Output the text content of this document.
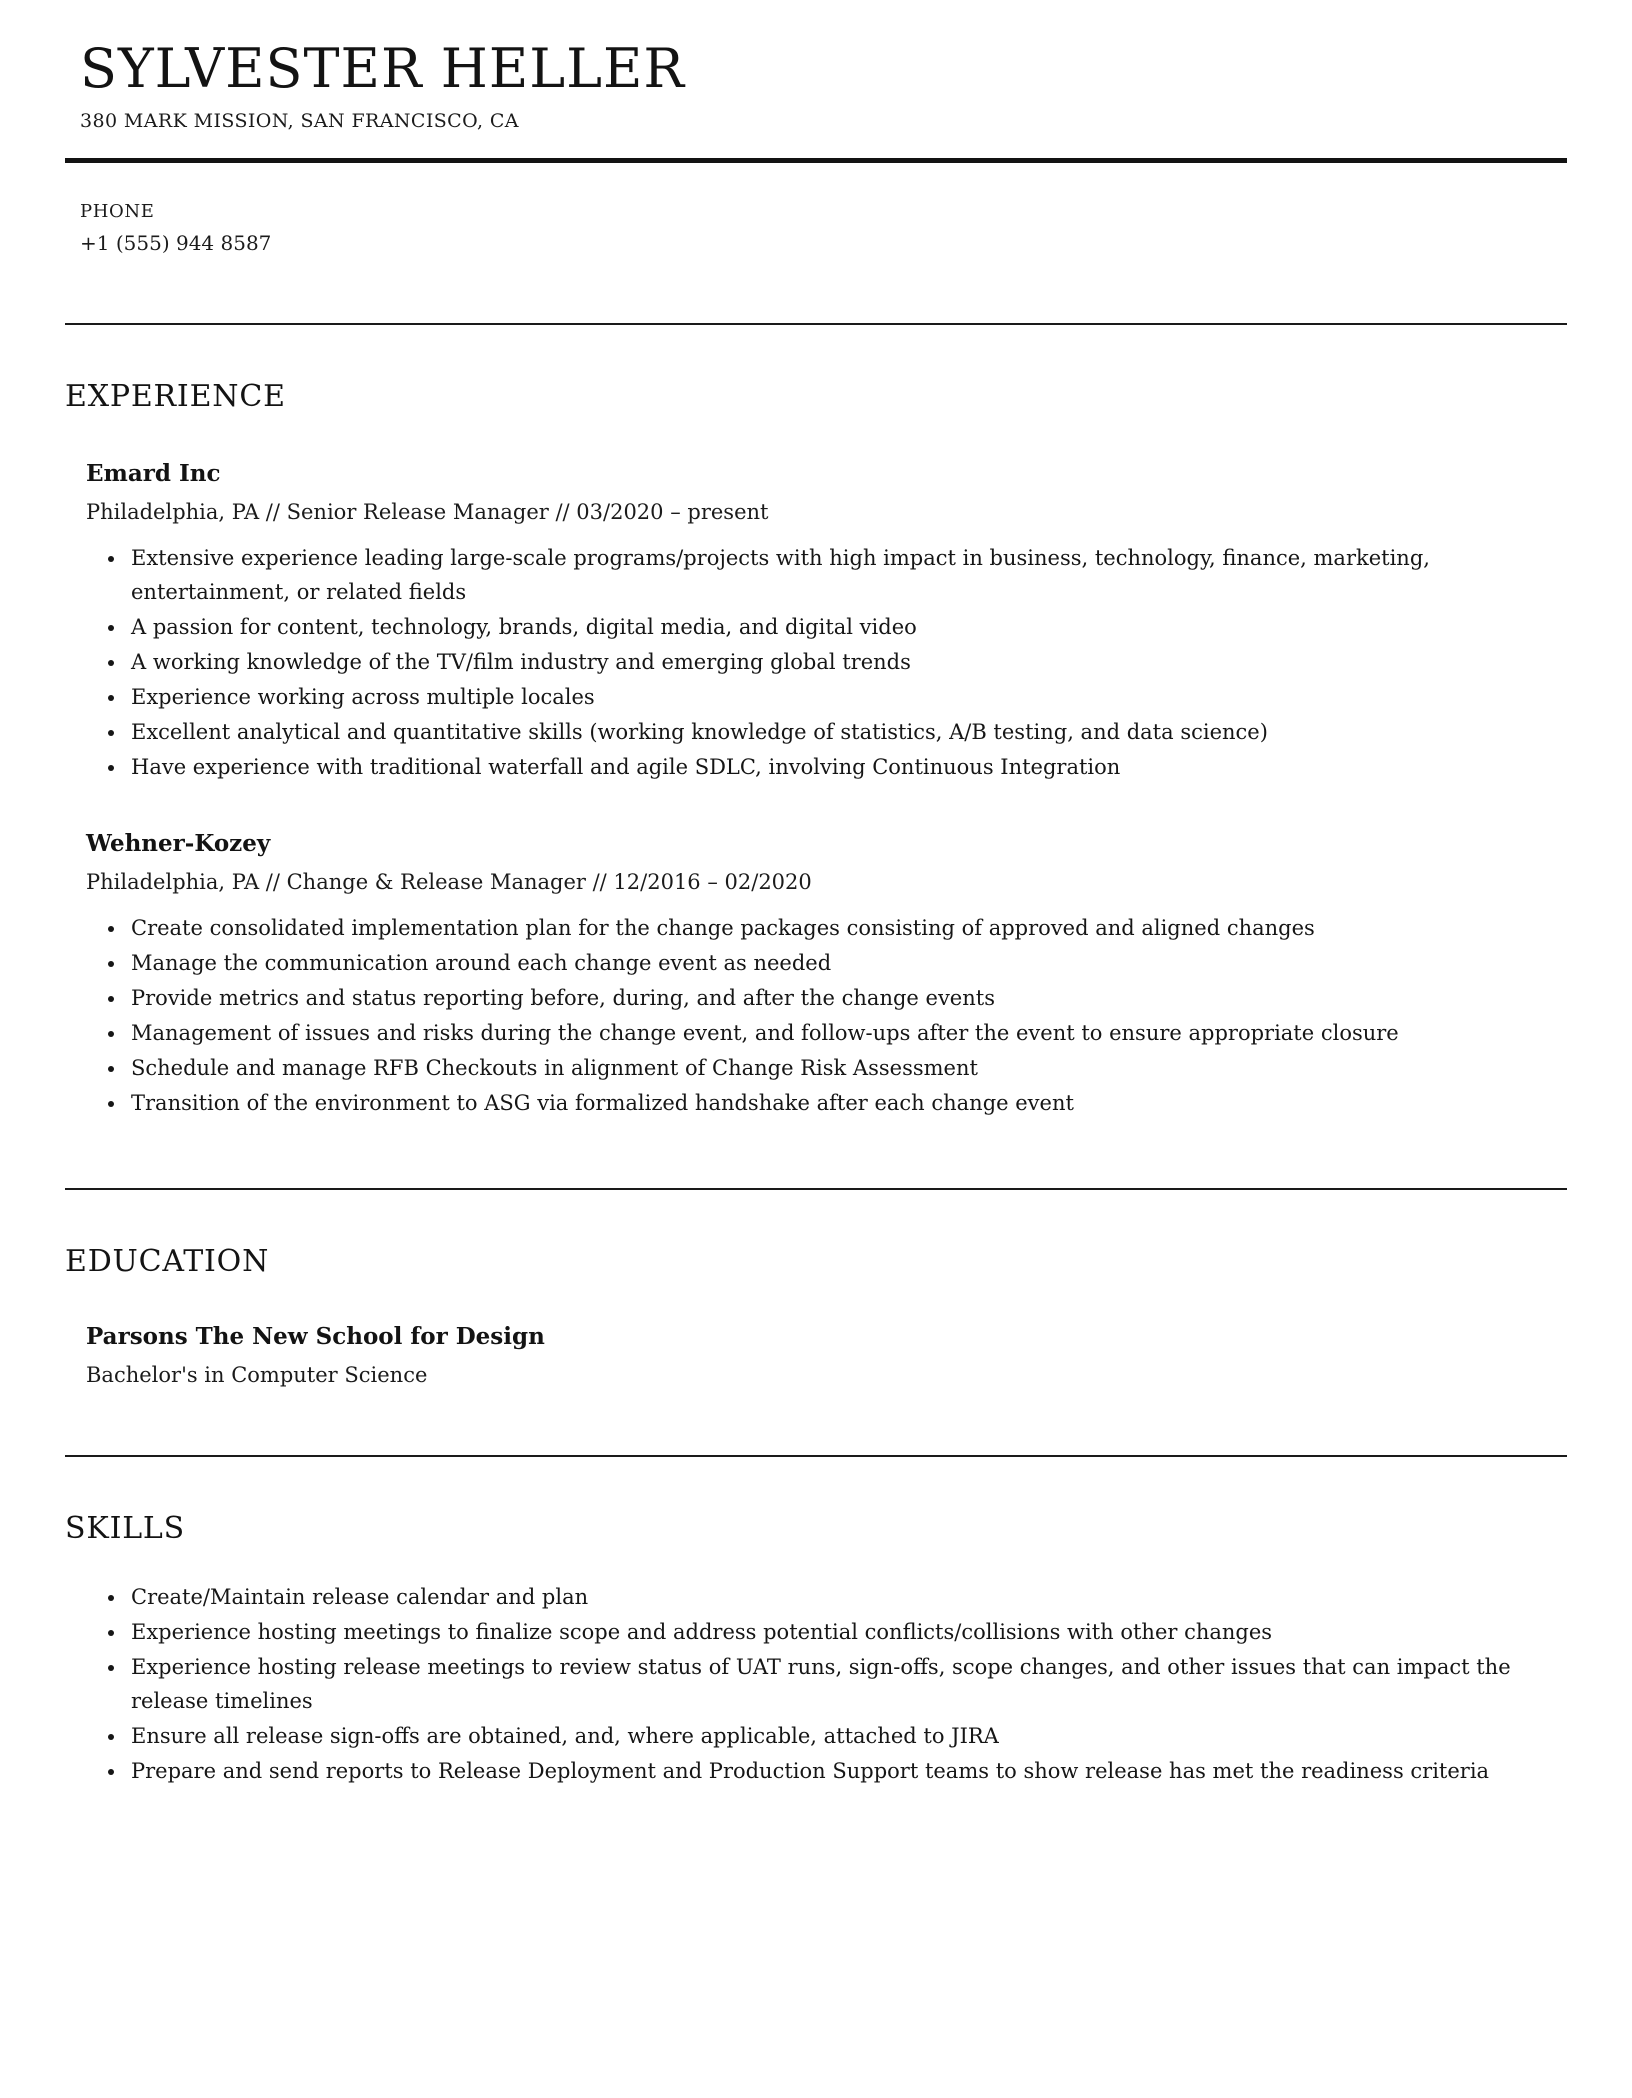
SYLVESTER HELLER
380 MARK MISSION, SAN FRANCISCO, CA
PHONE
+1 (555) 944 8587
EXPERIENCE
Emard Inc
Philadelphia, PA // Senior Release Manager // 03/2020 – present
• Extensive experience leading large-scale programs/projects with high impact in business, technology, finance, marketing, entertainment, or related fields
• A passion for content, technology, brands, digital media, and digital video
• A working knowledge of the TV/film industry and emerging global trends
• Experience working across multiple locales
• Excellent analytical and quantitative skills (working knowledge of statistics, A/B testing, and data science)
• Have experience with traditional waterfall and agile SDLC, involving Continuous Integration
Wehner-Kozey
Philadelphia, PA // Change & Release Manager // 12/2016 – 02/2020
• Create consolidated implementation plan for the change packages consisting of approved and aligned changes
• Manage the communication around each change event as needed
• Provide metrics and status reporting before, during, and after the change events
• Management of issues and risks during the change event, and follow-ups after the event to ensure appropriate closure
• Schedule and manage RFB Checkouts in alignment of Change Risk Assessment
• Transition of the environment to ASG via formalized handshake after each change event
EDUCATION
Parsons The New School for Design
Bachelor's in Computer Science
SKILLS
• Create/Maintain release calendar and plan
• Experience hosting meetings to finalize scope and address potential conflicts/collisions with other changes
• Experience hosting release meetings to review status of UAT runs, sign-offs, scope changes, and other issues that can impact the release timelines
• Ensure all release sign-offs are obtained, and, where applicable, attached to JIRA
• Prepare and send reports to Release Deployment and Production Support teams to show release has met the readiness criteria
